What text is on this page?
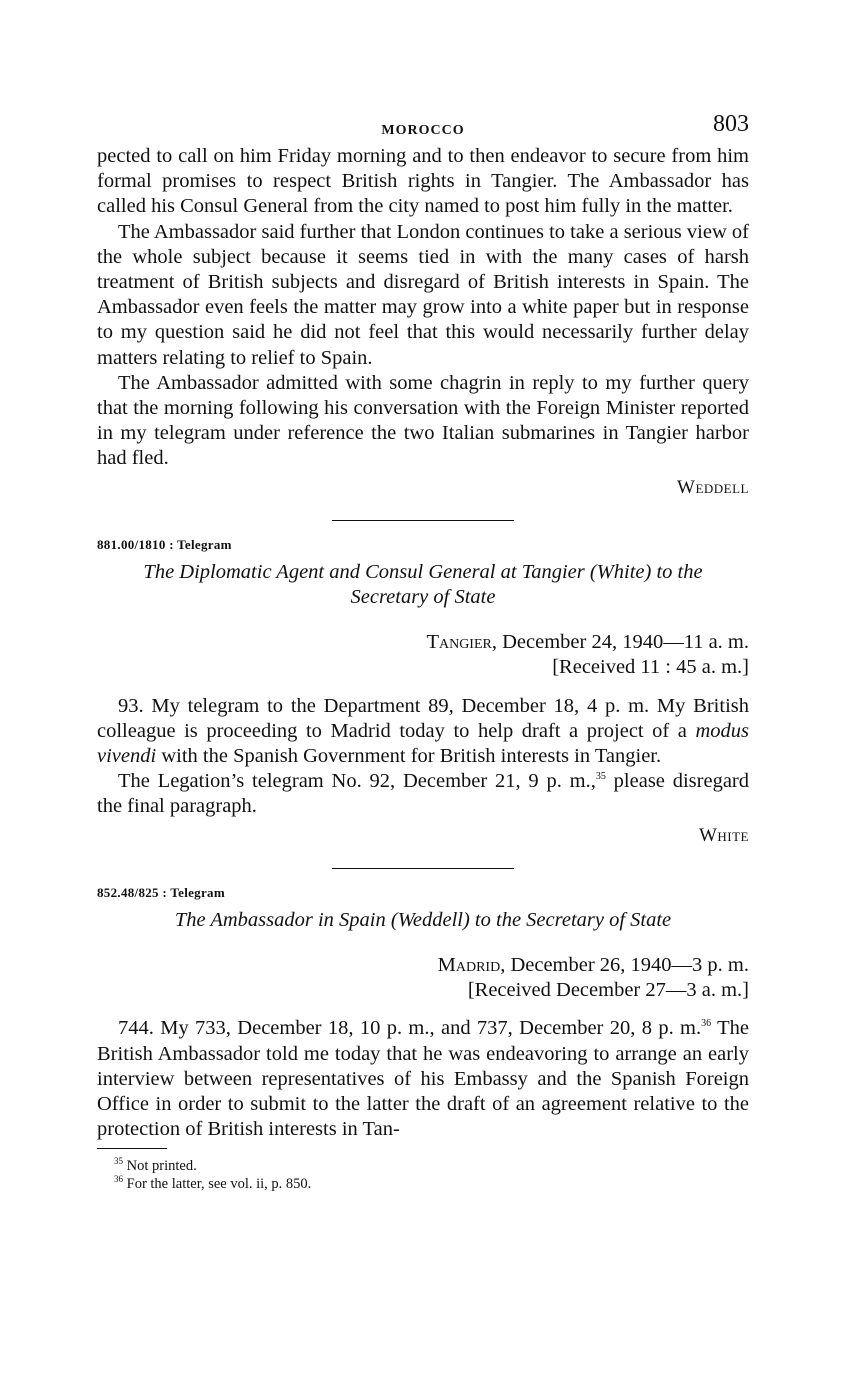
MOROCCO	803

pected to call on him Friday morning and to then endeavor to secure from him formal promises to respect British rights in Tangier. The Ambassador has called his Consul General from the city named to post him fully in the matter.

The Ambassador said further that London continues to take a serious view of the whole subject because it seems tied in with the many cases of harsh treatment of British subjects and disregard of British interests in Spain. The Ambassador even feels the matter may grow into a white paper but in response to my question said he did not feel that this would necessarily further delay matters relating to relief to Spain.

The Ambassador admitted with some chagrin in reply to my further query that the morning following his conversation with the Foreign Minister reported in my telegram under reference the two Italian submarines in Tangier harbor had fled.

Weddell
881.00/1810 : Telegram
The Diplomatic Agent and Consul General at Tangier (White) to the Secretary of State
Tangier, December 24, 1940—11 a. m.
[Received 11 : 45 a. m.]

93. My telegram to the Department 89, December 18, 4 p. m. My British colleague is proceeding to Madrid today to help draft a project of a modus vivendi with the Spanish Government for British interests in Tangier.

The Legation’s telegram No. 92, December 21, 9 p. m.,$^{35}$ please disregard the final paragraph.

White
852.48/825 : Telegram
The Ambassador in Spain (Weddell) to the Secretary of State
Madrid, December 26, 1940—3 p. m.
[Received December 27—3 a. m.]

744. My 733, December 18, 10 p. m., and 737, December 20, 8 p. m.$^{36}$ The British Ambassador told me today that he was endeavoring to arrange an early interview between representatives of his Embassy and the Spanish Foreign Office in order to submit to the latter the draft of an agreement relative to the protection of British interests in Tan-

$^{35}$ Not printed.
$^{36}$ For the latter, see vol. ii, p. 850.
